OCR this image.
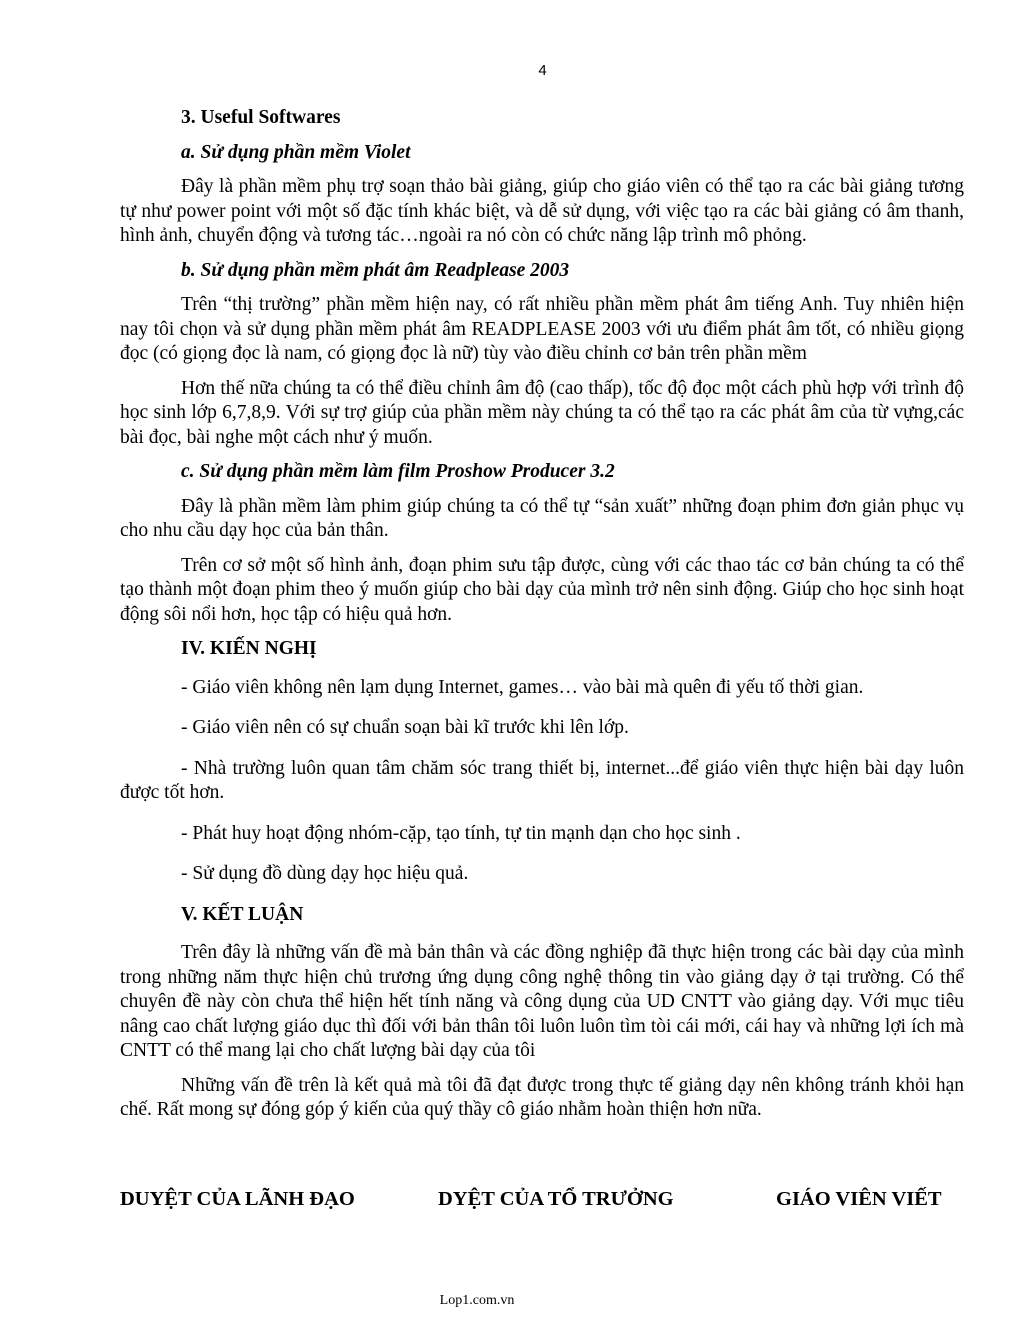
4
3. Useful Softwares
a. Sử dụng phần mềm Violet

Đây là phần mềm phụ trợ soạn thảo bài giảng, giúp cho giáo viên có thể tạo ra các bài giảng tương tự như power point với một số đặc tính khác biệt, và dễ sử dụng, với việc tạo ra các bài giảng có âm thanh, hình ảnh, chuyển động và tương tác…ngoài ra nó còn có chức năng lập trình mô phỏng.

b. Sử dụng phần mềm phát âm Readplease 2003

Trên “thị trường” phần mềm hiện nay, có rất nhiều phần mềm phát âm tiếng Anh. Tuy nhiên hiện nay tôi chọn và sử dụng phần mềm phát âm READPLEASE 2003 với ưu điểm phát âm tốt, có nhiều giọng đọc (có giọng đọc là nam, có giọng đọc là nữ) tùy vào điều chỉnh cơ bản trên phần mềm

Hơn thế nữa chúng ta có thể điều chỉnh âm độ (cao thấp), tốc độ đọc một cách phù hợp với trình độ học sinh lớp 6,7,8,9. Với sự trợ giúp của phần mềm này chúng ta có thể tạo ra các phát âm của từ vựng,các bài đọc, bài nghe một cách như ý muốn.

c. Sử dụng phần mềm làm film Proshow Producer 3.2

Đây là phần mềm làm phim giúp chúng ta có thể tự “sản xuất” những đoạn phim đơn giản phục vụ cho nhu cầu dạy học của bản thân.

Trên cơ sở một số hình ảnh, đoạn phim sưu tập được, cùng với các thao tác cơ bản chúng ta có thể tạo thành một đoạn phim theo ý muốn giúp cho bài dạy của mình trở nên sinh động. Giúp cho học sinh hoạt động sôi nổi hơn, học tập có hiệu quả hơn.

IV. KIẾN NGHỊ

- Giáo viên không nên lạm dụng Internet, games… vào bài mà quên đi yếu tố thời gian.

- Giáo viên nên có sự chuẩn soạn bài kĩ trước khi lên lớp.

- Nhà trường luôn quan tâm chăm sóc trang thiết bị, internet...để giáo viên thực hiện bài dạy luôn được tốt hơn.

- Phát huy hoạt động nhóm-cặp, tạo tính, tự tin mạnh dạn cho học sinh .

- Sử dụng đồ dùng dạy học hiệu quả.

V. KẾT LUẬN

Trên đây là những vấn đề mà bản thân và các đồng nghiệp đã thực hiện trong các bài dạy của mình trong những năm thực hiện chủ trương ứng dụng công nghệ thông tin vào giảng dạy ở tại trường. Có thể chuyên đề này còn chưa thể hiện hết tính năng và công dụng của UD CNTT vào giảng dạy. Với mục tiêu nâng cao chất lượng giáo dục thì đối với bản thân tôi luôn luôn tìm tòi cái mới, cái hay và những lợi ích mà CNTT có thể mang lại cho chất lượng bài dạy của tôi

Những vấn đề trên là kết quả mà tôi đã đạt được trong thực tế giảng dạy nên không tránh khỏi hạn chế. Rất mong sự đóng góp ý kiến của quý thầy cô giáo nhằm hoàn thiện hơn nữa.

DUYỆT CỦA LÃNH ĐẠO	DYỆT CỦA TỔ TRƯỞNG	GIÁO VIÊN VIẾT
Lop1.com.vn
